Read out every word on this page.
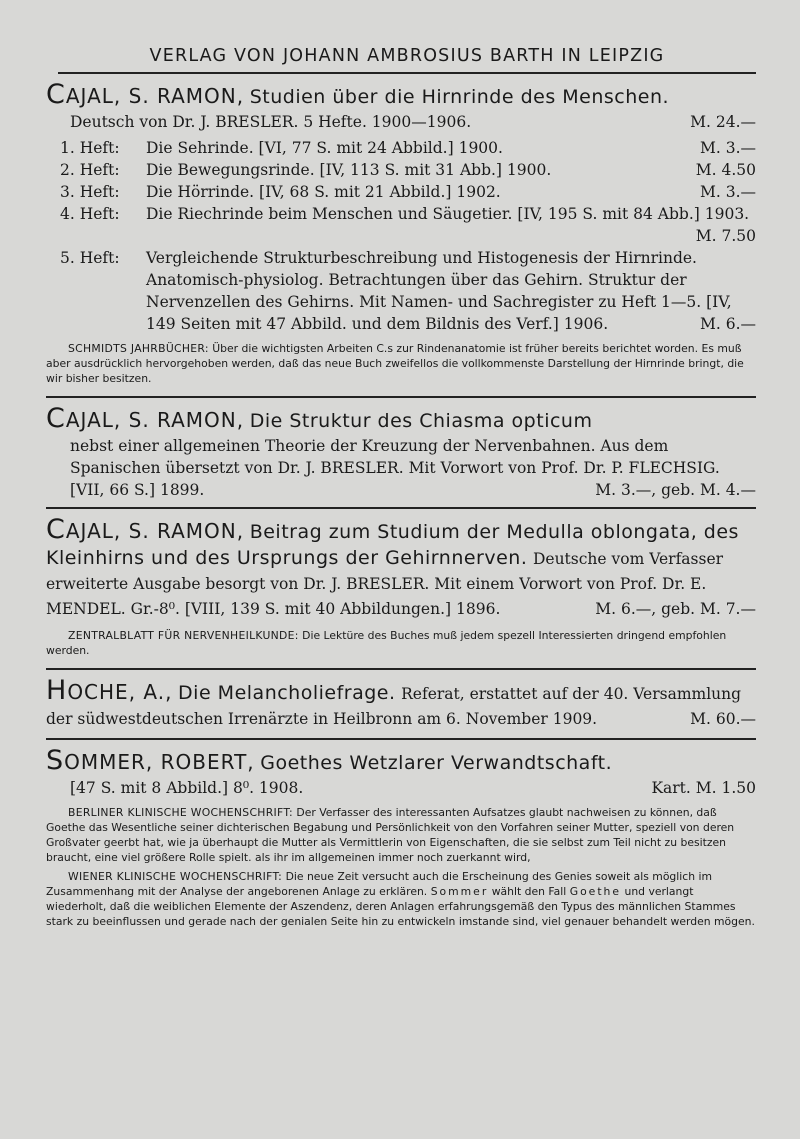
VERLAG VON JOHANN AMBROSIUS BARTH IN LEIPZIG

CAJAL, S. RAMON, Studien über die Hirnrinde des Menschen.

Deutsch von Dr. J. BRESLER. 5 Hefte. 1900—1906.	M. 24.—
1. Heft:	Die Sehrinde. [VI, 77 S. mit 24 Abbild.] 1900.	M. 3.—
2. Heft:	Die Bewegungsrinde. [IV, 113 S. mit 31 Abb.] 1900.	M. 4.50
3. Heft:	Die Hörrinde. [IV, 68 S. mit 21 Abbild.] 1902.	M. 3.—
4. Heft:	Die Riechrinde beim Menschen und Säugetier. [IV, 195 S. mit 84 Abb.] 1903.
M. 7.50
5. Heft:	Vergleichende Strukturbeschreibung und Histogenesis der Hirnrinde. Anatomisch-physiolog. Betrachtungen über das Gehirn. Struktur der Nervenzellen des Gehirns. Mit Namen- und Sachregister zu Heft 1—5. [IV, 149 Seiten mit 47 Abbild. und dem Bildnis des Verf.] 1906.	M. 6.—

SCHMIDTS JAHRBÜCHER: Über die wichtigsten Arbeiten C.s zur Rindenanatomie ist früher bereits berichtet worden. Es muß aber ausdrücklich hervorgehoben werden, daß das neue Buch zweifellos die vollkommenste Darstellung der Hirnrinde bringt, die wir bisher besitzen.

CAJAL, S. RAMON, Die Struktur des Chiasma opticum

nebst einer allgemeinen Theorie der Kreuzung der Nervenbahnen. Aus dem Spanischen übersetzt von Dr. J. BRESLER. Mit Vorwort von Prof. Dr. P. FLECHSIG. [VII, 66 S.] 1899.	M. 3.—, geb. M. 4.—

CAJAL, S. RAMON, Beitrag zum Studium der Medulla oblongata, des Kleinhirns und des Ursprungs der Gehirnnerven. Deutsche vom Verfasser erweiterte Ausgabe besorgt von Dr. J. BRESLER. Mit einem Vorwort von Prof. Dr. E. MENDEL. Gr.-8⁰. [VIII, 139 S. mit 40 Abbildungen.] 1896.	M. 6.—, geb. M. 7.—

ZENTRALBLATT FÜR NERVENHEILKUNDE: Die Lektüre des Buches muß jedem spezell Interessierten dringend empfohlen werden.

HOCHE, A., Die Melancholiefrage. Referat, erstattet auf der 40. Versammlung der südwestdeutschen Irrenärzte in Heilbronn am 6. November 1909.	M. 60.—

SOMMER, ROBERT, Goethes Wetzlarer Verwandtschaft.

[47 S. mit 8 Abbild.] 8⁰. 1908.	Kart. M. 1.50

BERLINER KLINISCHE WOCHENSCHRIFT: Der Verfasser des interessanten Aufsatzes glaubt nachweisen zu können, daß Goethe das Wesentliche seiner dichterischen Begabung und Persönlichkeit von den Vorfahren seiner Mutter, speziell von deren Großvater geerbt hat, wie ja überhaupt die Mutter als Vermittlerin von Eigenschaften, die sie selbst zum Teil nicht zu besitzen braucht, eine viel größere Rolle spielt. als ihr im allgemeinen immer noch zuerkannt wird,

WIENER KLINISCHE WOCHENSCHRIFT: Die neue Zeit versucht auch die Erscheinung des Genies soweit als möglich im Zusammenhang mit der Analyse der angeborenen Anlage zu erklären. Sommer wählt den Fall Goethe und verlangt wiederholt, daß die weiblichen Elemente der Aszendenz, deren Anlagen erfahrungsgemäß den Typus des männlichen Stammes stark zu beeinflussen und gerade nach der genialen Seite hin zu entwickeln imstande sind, viel genauer behandelt werden mögen.
